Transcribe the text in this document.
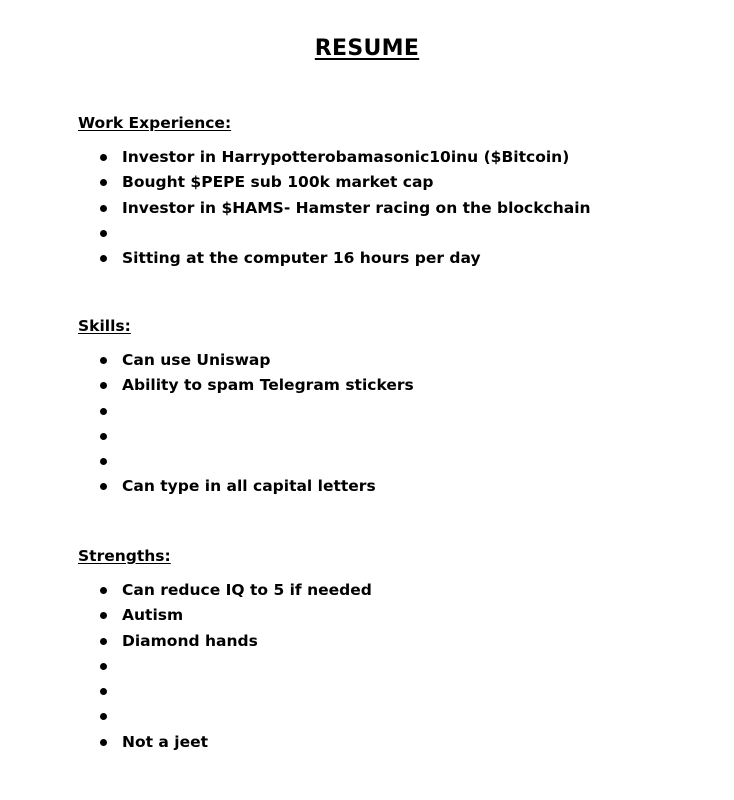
RESUME
Work Experience:
Investor in Harrypotterobamasonic10inu ($Bitcoin)
Bought $PEPE sub 100k market cap
Investor in $HAMS- Hamster racing on the blockchain
Sitting at the computer 16 hours per day
Skills:
Can use Uniswap
Ability to spam Telegram stickers
Can type in all capital letters
Strengths:
Can reduce IQ to 5 if needed
Autism
Diamond hands
Not a jeet
